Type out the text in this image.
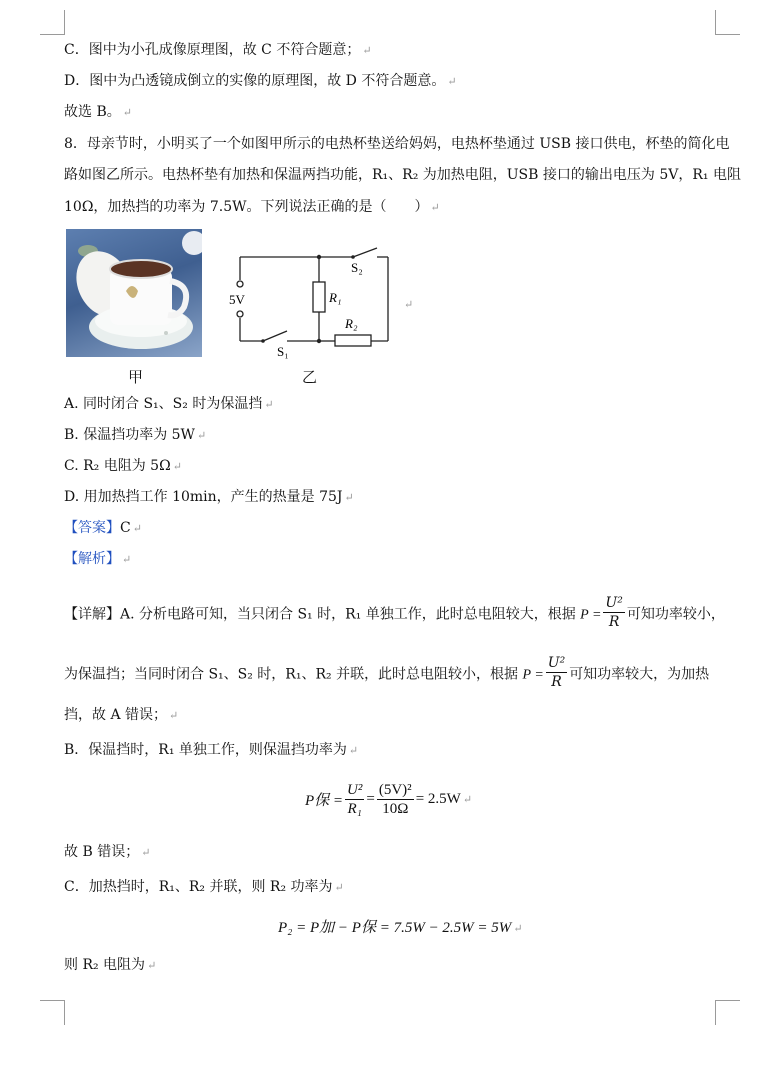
C．图中为小孔成像原理图，故 C 不符合题意； ↵
D．图中为凸透镜成倒立的实像的原理图，故 D 不符合题意。 ↵
故选 B。 ↵
8．母亲节时，小明买了一个如图甲所示的电热杯垫送给妈妈，电热杯垫通过 USB 接口供电，杯垫的简化电
路如图乙所示。电热杯垫有加热和保温两挡功能，R₁、R₂ 为加热电阻，USB 接口的输出电压为 5V，R₁ 电阻
10Ω，加热挡的功率为 7.5W。下列说法正确的是（　　） ↵
甲
5V
S₂
R₁
R₂
S₁
↵
乙
A. 同时闭合 S₁、S₂ 时为保温挡 ↵
B. 保温挡功率为 5W ↵
C. R₂ 电阻为 5Ω ↵
D. 用加热挡工作 10min，产生的热量是 75J ↵
【答案】C ↵
【解析】 ↵
【详解】A. 分析电路可知，当只闭合 S₁ 时，R₁ 单独工作，此时总电阻较大，根据 $P = \frac{\text{U²}}{R}$ 可知功率较小，
为保温挡；当同时闭合 S₁、S₂ 时，R₁、R₂ 并联，此时总电阻较小，根据 $P = \frac{\text{U²}}{R}$ 可知功率较大，为加热
挡，故 A 错误； ↵
B．保温挡时，R₁ 单独工作，则保温挡功率为 ↵
P保 = $\frac{\text{U²}}{\text{R₁}} = \frac{\text{(5V)²}}{10\Omega} = 2.5W$ ↵
故 B 错误； ↵
C．加热挡时，R₁、R₂ 并联，则 R₂ 功率为 ↵
P₂ = P加 − P保 = 7.5W − 2.5W = 5W ↵
则 R₂ 电阻为 ↵
